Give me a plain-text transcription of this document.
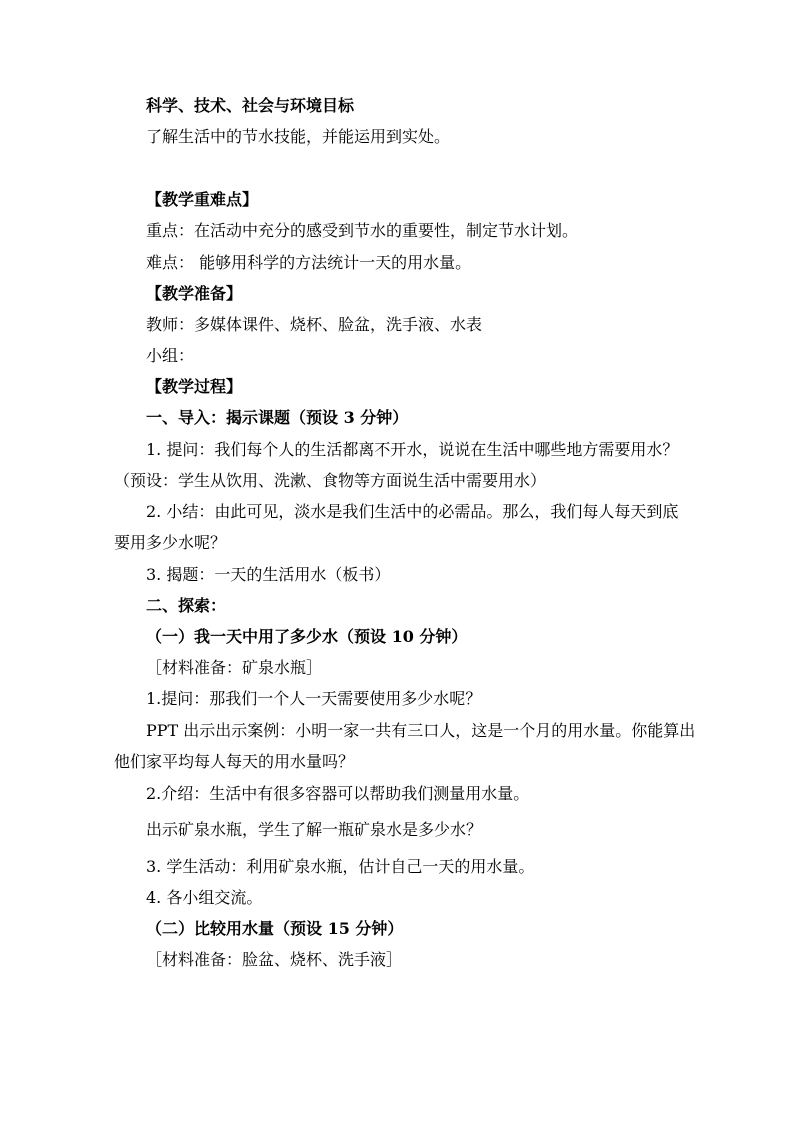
科学、技术、社会与环境目标
了解生活中的节水技能，并能运用到实处。
【教学重难点】
重点：在活动中充分的感受到节水的重要性，制定节水计划。
难点： 能够用科学的方法统计一天的用水量。
【教学准备】
教师：多媒体课件、烧杯、脸盆，洗手液、水表
小组：
【教学过程】
一、导入：揭示课题（预设 3 分钟）
1. 提问：我们每个人的生活都离不开水，说说在生活中哪些地方需要用水？
（预设：学生从饮用、洗漱、食物等方面说生活中需要用水）
2. 小结：由此可见，淡水是我们生活中的必需品。那么，我们每人每天到底
要用多少水呢？
3. 揭题：一天的生活用水（板书）
二、探索：
（一）我一天中用了多少水（预设 10 分钟）
［材料准备：矿泉水瓶］
1.提问：那我们一个人一天需要使用多少水呢？
PPT 出示出示案例：小明一家一共有三口人，这是一个月的用水量。你能算出
他们家平均每人每天的用水量吗？
2.介绍：生活中有很多容器可以帮助我们测量用水量。
出示矿泉水瓶，学生了解一瓶矿泉水是多少水？
3. 学生活动：利用矿泉水瓶，估计自己一天的用水量。
4. 各小组交流。
（二）比较用水量（预设 15 分钟）
［材料准备：脸盆、烧杯、洗手液］
